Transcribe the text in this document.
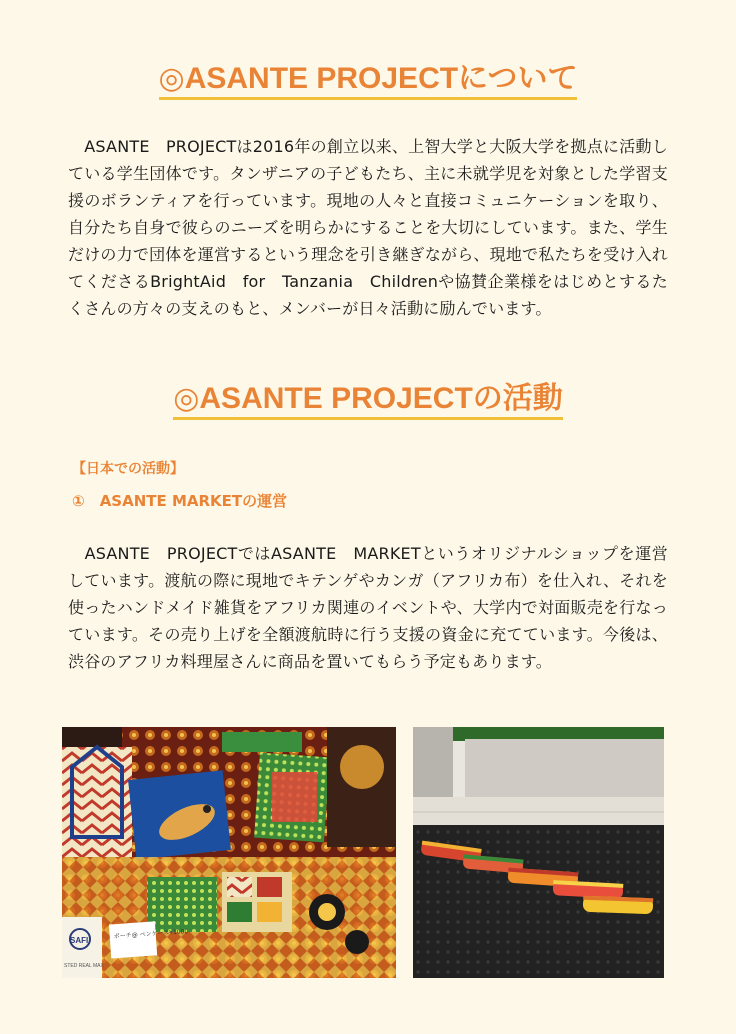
◎ASANTE PROJECTについて
　ASANTE　PROJECTは2016年の創立以来、上智大学と大阪大学を拠点に活動している学生団体です。タンザニアの子どもたち、主に未就学児を対象とした学習支援のボランティアを行っています。現地の人々と直接コミュニケーションを取り、自分たち自身で彼らのニーズを明らかにすることを大切にしています。また、学生だけの力で団体を運営するという理念を引き継ぎながら、現地で私たちを受け入れてくださるBrightAid　for　Tanzania　Childrenや協賛企業様をはじめとするたくさんの方々の支えのもと、メンバーが日々活動に励んでいます。
◎ASANTE PROJECTの活動
【日本での活動】
①　ASANTE MARKETの運営
　ASANTE　PROJECTではASANTE　MARKETというオリジナルショップを運営しています。渡航の際に現地でキテンゲやカンガ（アフリカ布）を仕入れ、それを使ったハンドメイド雑貨をアフリカ関連のイベントや、大学内で対面販売を行なっています。その売り上げを全額渡航時に行う支援の資金に充てています。今後は、渋谷のアフリカ料理屋さんに商品を置いてもらう予定もあります。
SAFI
STED REAL MAX
ポーチ@ ペンケース¥1000
